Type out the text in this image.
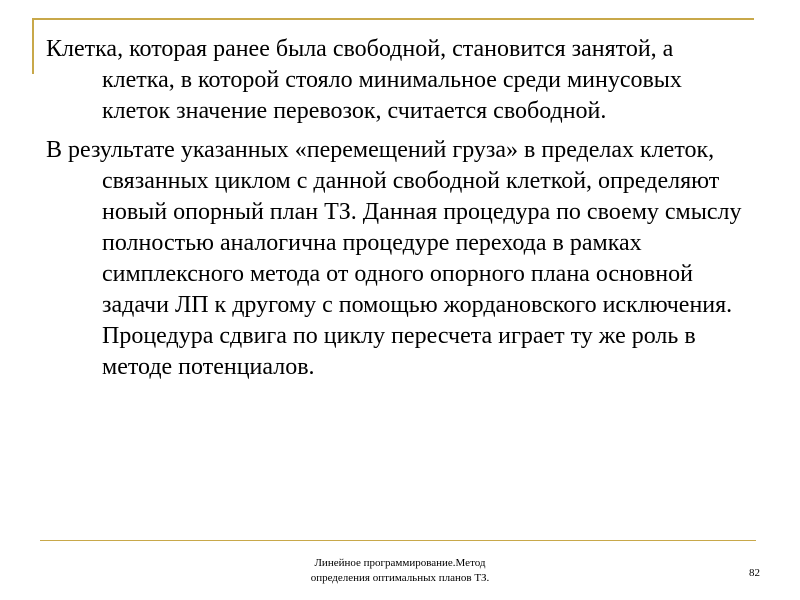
Клетка, которая ранее была свободной, становится занятой, а клетка, в которой стояло минимальное среди минусовых клеток значение перевозок, считается свободной.

В результате указанных «перемещений груза» в пределах клеток, связанных циклом с данной свободной клеткой, определяют новый опорный план ТЗ. Данная процедура по своему смыслу полностью аналогична процедуре перехода в рамках симплексного метода от одного опорного плана основной задачи ЛП к другому с помощью жордановского исключения. Процедура сдвига по циклу пересчета играет ту же роль в методе потенциалов.

Линейное программирование.Метод
определения оптимальных планов ТЗ.	82
